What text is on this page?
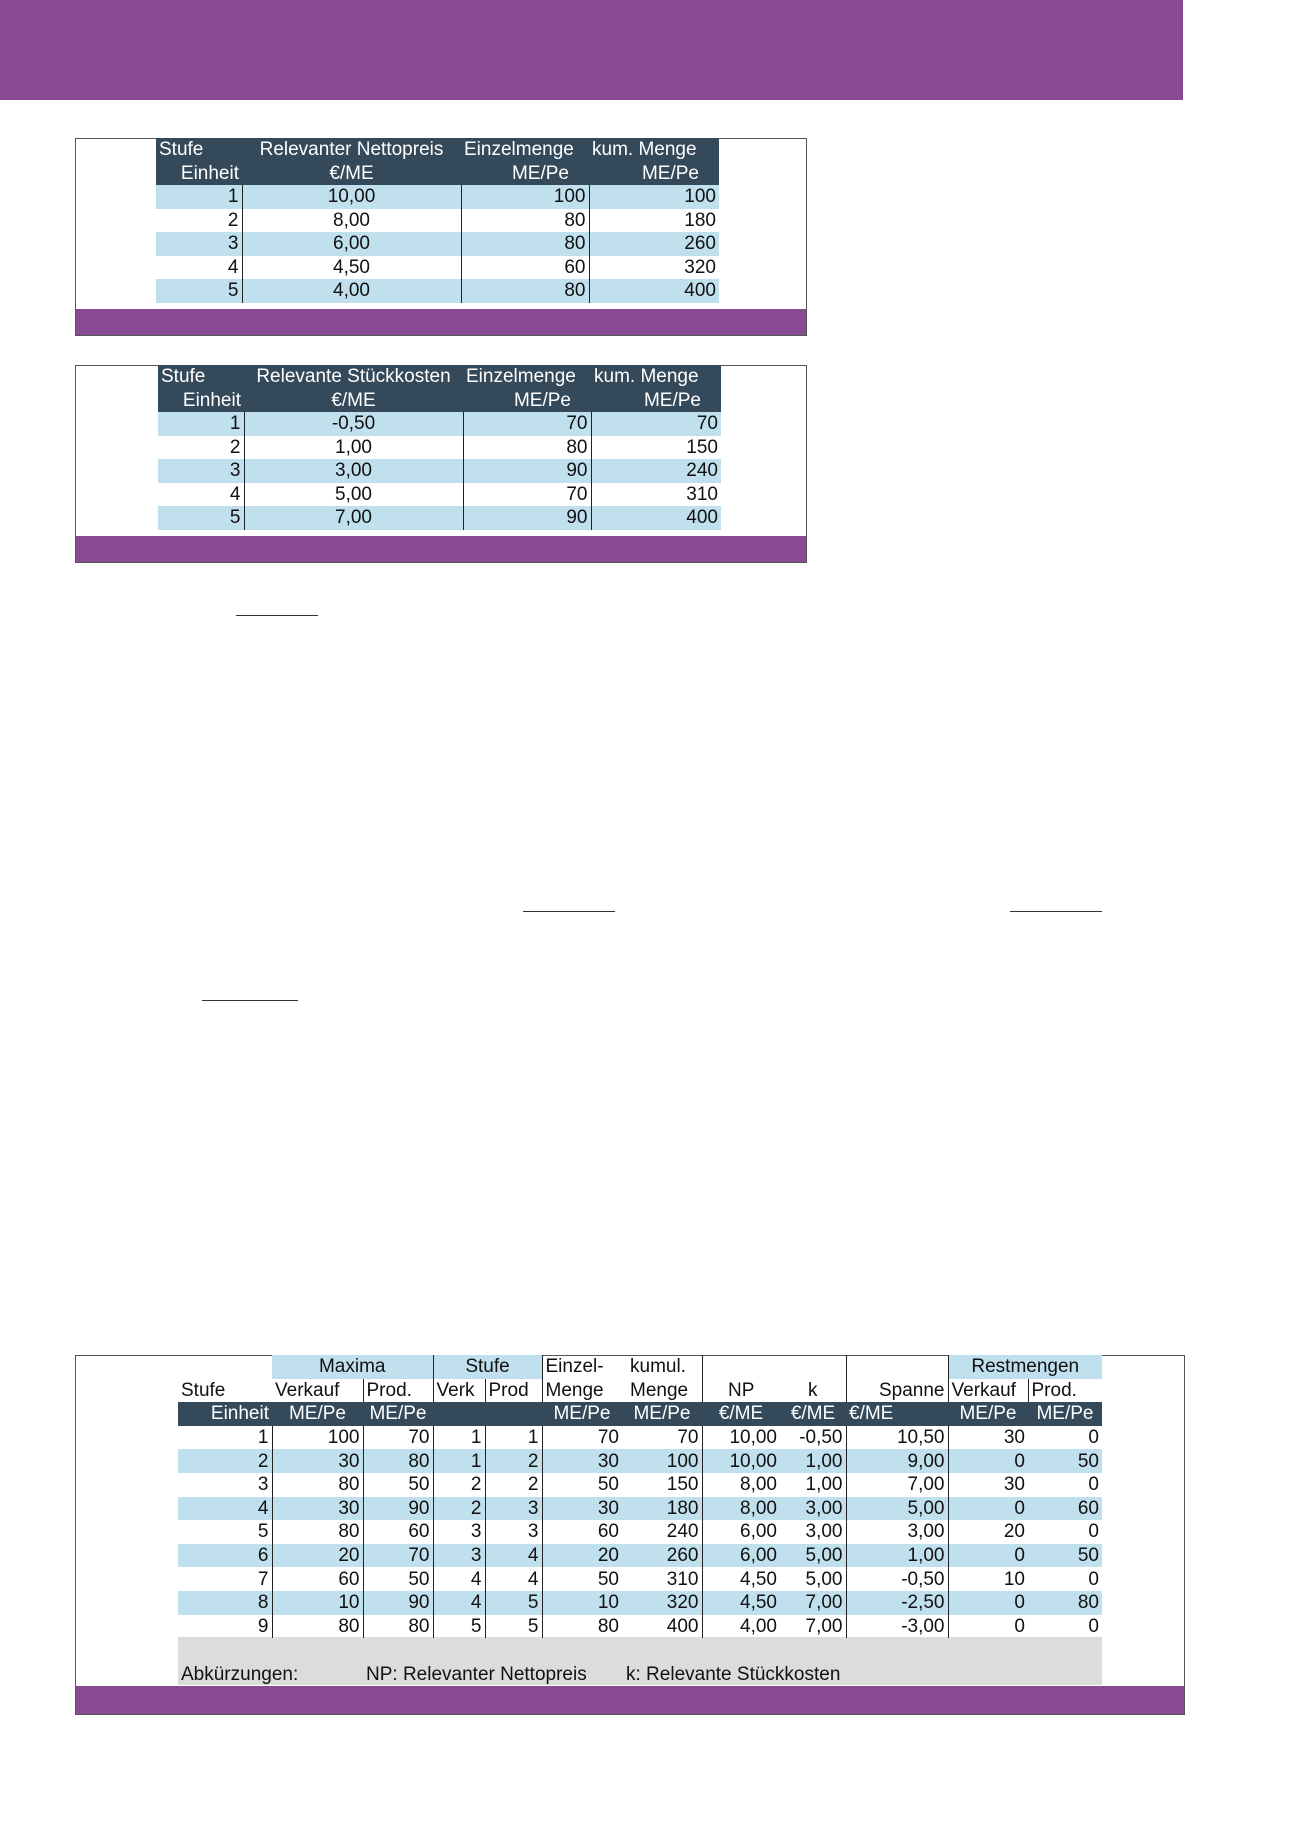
Stufe	Relevanter Nettopreis	Einzelmenge	kum. Menge
Einheit	€/ME	ME/Pe	ME/Pe
1	10,00	100	100
2	8,00	80	180
3	6,00	80	260
4	4,50	60	320
5	4,00	80	400
Stufe	Relevante Stückkosten	Einzelmenge	kum. Menge
Einheit	€/ME	ME/Pe	ME/Pe
1	-0,50	70	70
2	1,00	80	150
3	3,00	90	240
4	5,00	70	310
5	7,00	90	400
	Maxima		Stufe		Einzel-	kumul.				Restmengen	
Stufe	Verkauf	Prod.	Verk	Prod	Menge	Menge	NP	k	Spanne	Verkauf	Prod.
Einheit	ME/Pe	ME/Pe			ME/Pe	ME/Pe	€/ME	€/ME	€/ME	ME/Pe	ME/Pe
1	100	70	1	1	70	70	10,00	-0,50	10,50	30	0
2	30	80	1	2	30	100	10,00	1,00	9,00	0	50
3	80	50	2	2	50	150	8,00	1,00	7,00	30	0
4	30	90	2	3	30	180	8,00	3,00	5,00	0	60
5	80	60	3	3	60	240	6,00	3,00	3,00	20	0
6	20	70	3	4	20	260	6,00	5,00	1,00	0	50
7	60	50	4	4	50	310	4,50	5,00	-0,50	10	0
8	10	90	4	5	10	320	4,50	7,00	-2,50	0	80
9	80	80	5	5	80	400	4,00	7,00	-3,00	0	0
Abkürzungen:	NP: Relevanter Nettopreis k: Relevante Stückkosten
